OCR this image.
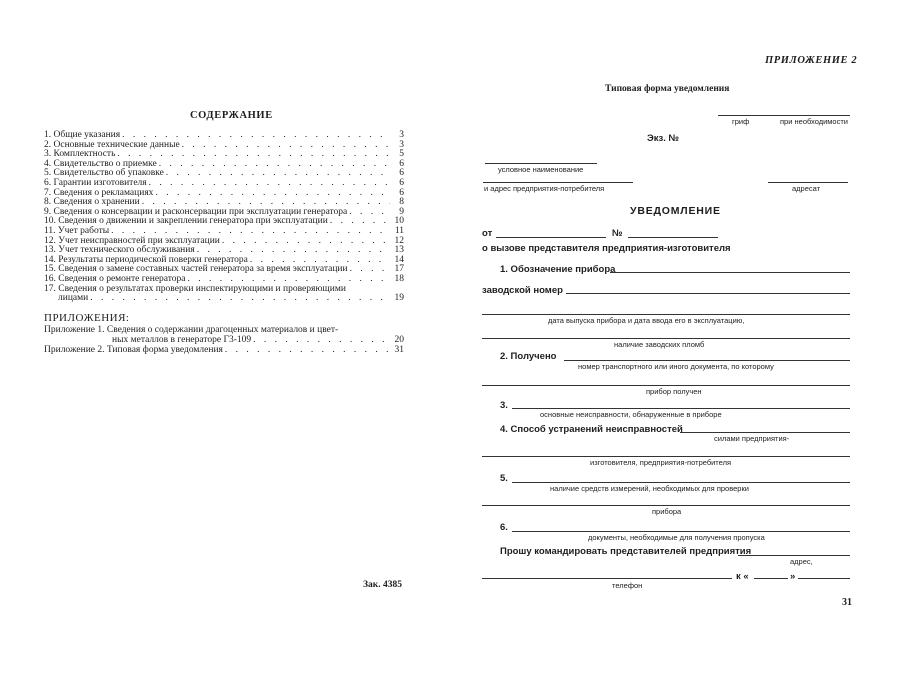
СОДЕРЖАНИЕ
1. Общие указания . . .	3
2. Основные технические данные . . .	3
3. Комплектность . . .	5
4. Свидетельство о приемке . . .	6
5. Свидетельство об упаковке . . .	6
6. Гарантии изготовителя . . .	6
7. Сведения о рекламациях . . .	6
8. Сведения о хранении . . .	8
9. Сведения о консервации и расконсервации при эксплуатации генератора . . .	9
10. Сведения о движении и закреплении генератора при эксплуатации . . .	10
11. Учет работы . . .	11
12. Учет неисправностей при эксплуатации . . .	12
13. Учет технического обслуживания . . .	13
14. Результаты периодической поверки генератора . . .	14
15. Сведения о замене составных частей генератора за время эксплуатации . . .	17
16. Сведения о ремонте генератора . . .	18
17. Сведения о результатах проверки инспектирующими и проверяющими
лицами . . .	19
ПРИЛОЖЕНИЯ:
Приложение 1. Сведения о содержании драгоценных материалов и цвет-
ных металлов в генераторе Г3-109 . . .	20
Приложение 2. Типовая форма уведомления . . .	31
Зак. 4385
ПРИЛОЖЕНИЕ 2
Типовая форма уведомления
гриф	при необходимости
Экз. №
условное наименование
и адрес предприятия-потребителя	адресат
УВЕДОМЛЕНИЕ
от	№
о вызове представителя предприятия-изготовителя
1. Обозначение прибора
заводской номер
дата выпуска прибора и дата ввода его в эксплуатацию,
наличие заводских пломб
2. Получено
номер транспортного или иного документа, по которому
прибор получен
3.
основные неисправности, обнаруженные в приборе
4. Способ устранений неисправностей
силами предприятия-
изготовителя, предприятия-потребителя
5.
наличие средств измерений, необходимых для проверки
прибора
6.
документы, необходимые для получения пропуска
Прошу командировать представителей предприятия
адрес,
к «	»
телефон
31
